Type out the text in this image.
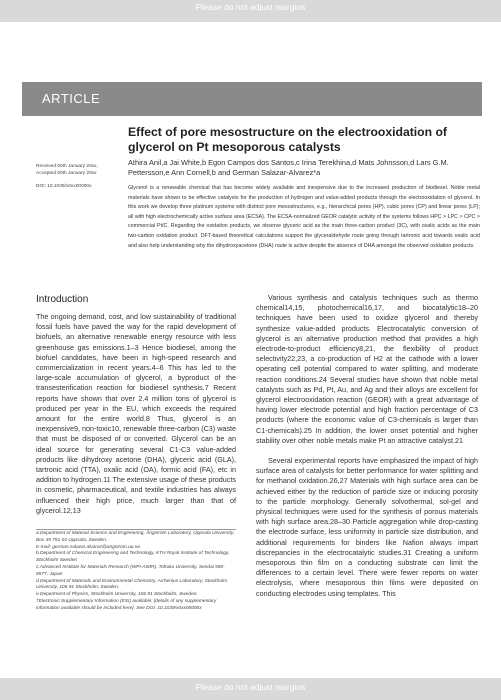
Please do not adjust margins
ARTICLE
Effect of pore mesostructure on the electrooxidation of glycerol on Pt mesoporous catalysts
Athira Anil,a Jai White,b Egon Campos dos Santos,c Irina Terekhina,d Mats Johnsson,d Lars G.M. Pettersson,e Ann Cornell,b and German Salazar-Alvarez*a
Received 00th January 20xx,
Accepted 00th January 20xx
DOI: 10.1039/x0xx00000x	Glycerol is a renewable chemical that has become widely available and inexpensive due to the increased production of biodiesel. Noble metal materials have shown to be effective catalysts for the production of hydrogen and value-added products through the electrooxidation of glycerol. In this work we develop three platinum systems with distinct pore mesostructures, e.g., hierarchical pores (HP), cubic pores (CP) and linear pores (LP); all with high electrochemically active surface area (ECSA). The ECSA-normalized GEOR catalytic activity of the systems follows HPC > LPC > CPC > commercial Pt/C. Regarding the oxidation products, we observe glyceric acid as the main three-carbon product (3C), with oxalic acids as the main two-carbon oxidation product. DFT-based theoretical calculations support the glyceraldehyde route going through tartronic acid towards oxalic acid and also help understanding why the dihydroxyacetone (DHA) route is active despite the absence of DHA amongst the observed oxidation products.
Introduction
The ongoing demand, cost, and low sustainability of traditional fossil fuels have paved the way for the rapid development of biofuels, an alternative renewable energy resource with less greenhouse gas emissions.1–3 Hence biodiesel, among the biofuel candidates, have been in high-speed research and commercialization in recent years.4–6 This has led to the large-scale accumulation of glycerol, a byproduct of the transesterification reaction for biodiesel synthesis.7 Recent reports have shown that over 2.4 million tons of glycerol is produced per year in the EU, which exceeds the required amount for the entire world.8 Thus, glycerol is an inexpensive9, non-toxic10, renewable three-carbon (C3) waste that must be disposed of or converted. Glycerol can be an ideal source for generating several C1-C3 value-added products like dihydroxy acetone (DHA), glyceric acid (GLA), tartronic acid (TTA), oxalic acid (OA), formic acid (FA), etc in addition to hydrogen.11 The extensive usage of these products in cosmetic, pharmaceutical, and textile industries has always influenced their high price, much larger than that of glycerol.12,13
Various synthesis and catalysis techniques such as thermo chemical14,15, photochemical16,17, and biocatalytic18–20 techniques have been used to oxidize glycerol and thereby synthesize value-added products. Electrocatalytic conversion of glycerol is an alternative production method that provides a high electrode-to-product efficiency8,21, the flexibility of product selectivity22,23, a co-production of H2 at the cathode with a lower operating cell potential compared to water splitting, and moderate reaction conditions.24 Several studies have shown that noble metal catalysts such as Pd, Pt, Au, and Ag and their alloys are excellent for glycerol electrooxidation reaction (GEOR) with a great advantage of having lower electrode potential and high fraction percentage of C3 products (where the economic value of C3-chemicals is larger than C1-chemicals).25 In addition, the lower onset potential and higher stability over other noble metals make Pt an attractive catalyst.21
Several experimental reports have emphasized the impact of high surface area of catalysts for better performance for water splitting and for methanol oxidation.26,27 Materials with high surface area can be achieved either by the reduction of particle size or inducing porosity to the particle morphology. Generally solvothermal, sol-gel and physical techniques were used for the synthesis of porous materials with high surface area.28–30 Particle aggregation while drop-casting the electrode surface, less uniformity in particle size distribution, and additional requirements for binders like Nafion always impart discrepancies in the electrocatalytic studies.31 Creating a uniform mesoporous thin film on a conducting substrate can limit the differences to a certain level. There were fewer reports on water electrolysis, where mesoporous thin films were deposited on conducting electrodes using templates. This
a.Department of Material Science and Engineering, Ångström Laboratory, Uppsala University, Box 35 751 03 Uppsala, Sweden.
E-mail: german.salazar.alvarez@angstrom.uu.se.
b.Department of Chemical Engineering and Technology, KTH Royal Institute of Technology, Stockholm Sweden
c.Advanced Institute for Materials Research (WPI-AIMR), Tohoku University, Sendai 980-8577, Japan
d.Department of Materials and Environmental Chemistry, Arrhenius Laboratory, Stockholm University, 106 91 Stockholm, Sweden.
e.Department of Physics, Stockholm University, 106 91 Stockholm, Sweden.
†Electronic Supplementary Information (ESI) available: [details of any supplementary information available should be included here]. See DOI: 10.1039/x0xx00000x
Please do not adjust margins
